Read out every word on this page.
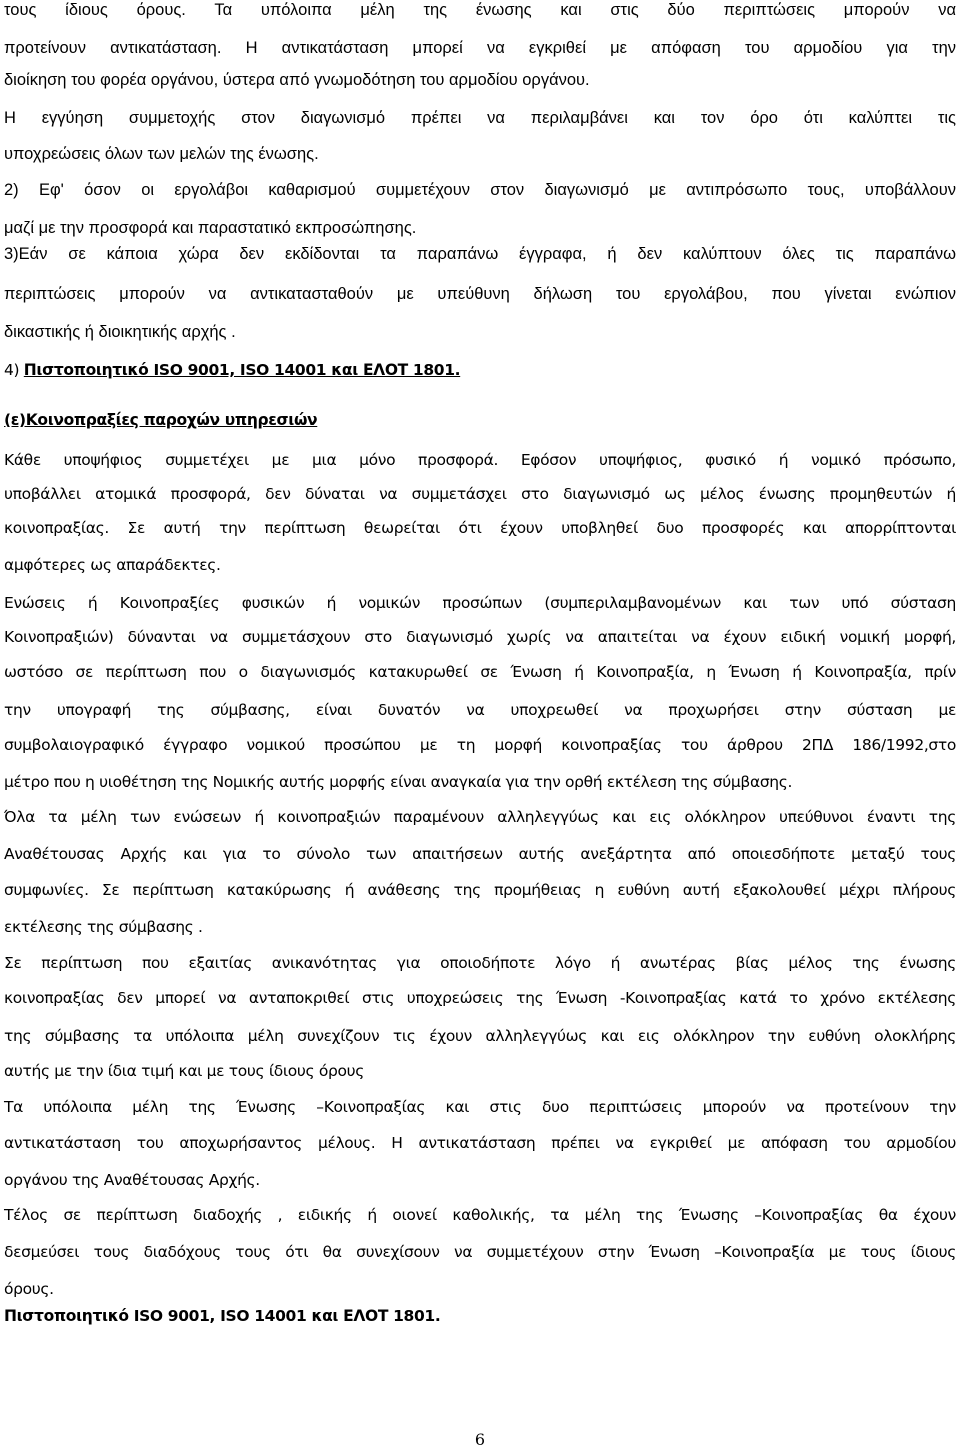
τους ίδιους όρους. Τα υπόλοιπα μέλη της ένωσης και στις δύο περιπτώσεις μπορούν να
προτείνουν αντικατάσταση. Η αντικατάσταση μπορεί να εγκριθεί με απόφαση του αρμοδίου για την
διοίκηση του φορέα οργάνου, ύστερα από γνωμοδότηση του αρμοδίου οργάνου.
Η εγγύηση συμμετοχής στον διαγωνισμό πρέπει να περιλαμβάνει και τον όρο ότι καλύπτει τις
υποχρεώσεις όλων των μελών της ένωσης.
2) Εφ' όσον οι εργολάβοι καθαρισμού συμμετέχουν στον διαγωνισμό με αντιπρόσωπο τους, υποβάλλουν
μαζί με την προσφορά και παραστατικό εκπροσώπησης.
3)Εάν σε κάποια χώρα δεν εκδίδονται τα παραπάνω έγγραφα, ή δεν καλύπτουν όλες τις παραπάνω
περιπτώσεις μπορούν να αντικατασταθούν με υπεύθυνη δήλωση του εργολάβου, που γίνεται ενώπιον
δικαστικής ή διοικητικής αρχής .
4) Πιστοποιητικό ISO 9001, ISO 14001 και ΕΛΟΤ 1801.
(ε)Κοινοπραξίες παροχών υπηρεσιών
Κάθε υποψήφιος συμμετέχει με μια μόνο προσφορά. Εφόσον υποψήφιος, φυσικό ή νομικό πρόσωπο,
υποβάλλει ατομικά προσφορά, δεν δύναται να συμμετάσχει στο διαγωνισμό ως μέλος ένωσης προμηθευτών ή
κοινοπραξίας. Σε αυτή την περίπτωση θεωρείται ότι έχουν υποβληθεί δυο προσφορές και απορρίπτονται
αμφότερες ως απαράδεκτες.
Ενώσεις ή Κοινοπραξίες φυσικών ή νομικών προσώπων (συμπεριλαμβανομένων και των υπό σύσταση
Κοινοπραξιών) δύνανται να συμμετάσχουν στο διαγωνισμό χωρίς να απαιτείται να έχουν ειδική νομική μορφή,
ωστόσο σε περίπτωση που ο διαγωνισμός κατακυρωθεί σε Ένωση ή Κοινοπραξία, η Ένωση ή Κοινοπραξία, πρίν
την υπογραφή της σύμβασης, είναι δυνατόν να υποχρεωθεί να προχωρήσει στην σύσταση με
συμβολαιογραφικό έγγραφο νομικού προσώπου με τη μορφή κοινοπραξίας του άρθρου 2ΠΔ 186/1992,στο
μέτρο που η υιοθέτηση της Νομικής αυτής μορφής είναι αναγκαία για την ορθή εκτέλεση της σύμβασης.
Όλα τα μέλη των ενώσεων ή κοινοπραξιών παραμένουν αλληλεγγύως και εις ολόκληρον υπεύθυνοι έναντι της
Αναθέτουσας Αρχής και για το σύνολο των απαιτήσεων αυτής ανεξάρτητα από οποιεσδήποτε μεταξύ τους
συμφωνίες. Σε περίπτωση κατακύρωσης ή ανάθεσης της προμήθειας η ευθύνη αυτή εξακολουθεί μέχρι πλήρους
εκτέλεσης της σύμβασης .
Σε περίπτωση που εξαιτίας ανικανότητας για οποιοδήποτε λόγο ή ανωτέρας βίας μέλος της ένωσης
κοινοπραξίας δεν μπορεί να ανταποκριθεί στις υποχρεώσεις της Ένωση -Κοινοπραξίας κατά το χρόνο εκτέλεσης
της σύμβασης τα υπόλοιπα μέλη συνεχίζουν τις έχουν αλληλεγγύως και εις ολόκληρον την ευθύνη ολοκλήρης
αυτής με την ίδια τιμή και με τους ίδιους όρους
Τα υπόλοιπα μέλη της Ένωσης –Κοινοπραξίας και στις δυο περιπτώσεις μπορούν να προτείνουν την
αντικατάσταση του αποχωρήσαντος μέλους. Η αντικατάσταση πρέπει να εγκριθεί με απόφαση του αρμοδίου
οργάνου της Αναθέτουσας Αρχής.
Τέλος σε περίπτωση διαδοχής , ειδικής ή οιονεί καθολικής, τα μέλη της Ένωσης –Κοινοπραξίας θα έχουν
δεσμεύσει τους διαδόχους τους ότι θα συνεχίσουν να συμμετέχουν στην Ένωση –Κοινοπραξία με τους ίδιους
όρους.
Πιστοποιητικό ISO 9001, ISO 14001 και ΕΛΟΤ 1801.
6
